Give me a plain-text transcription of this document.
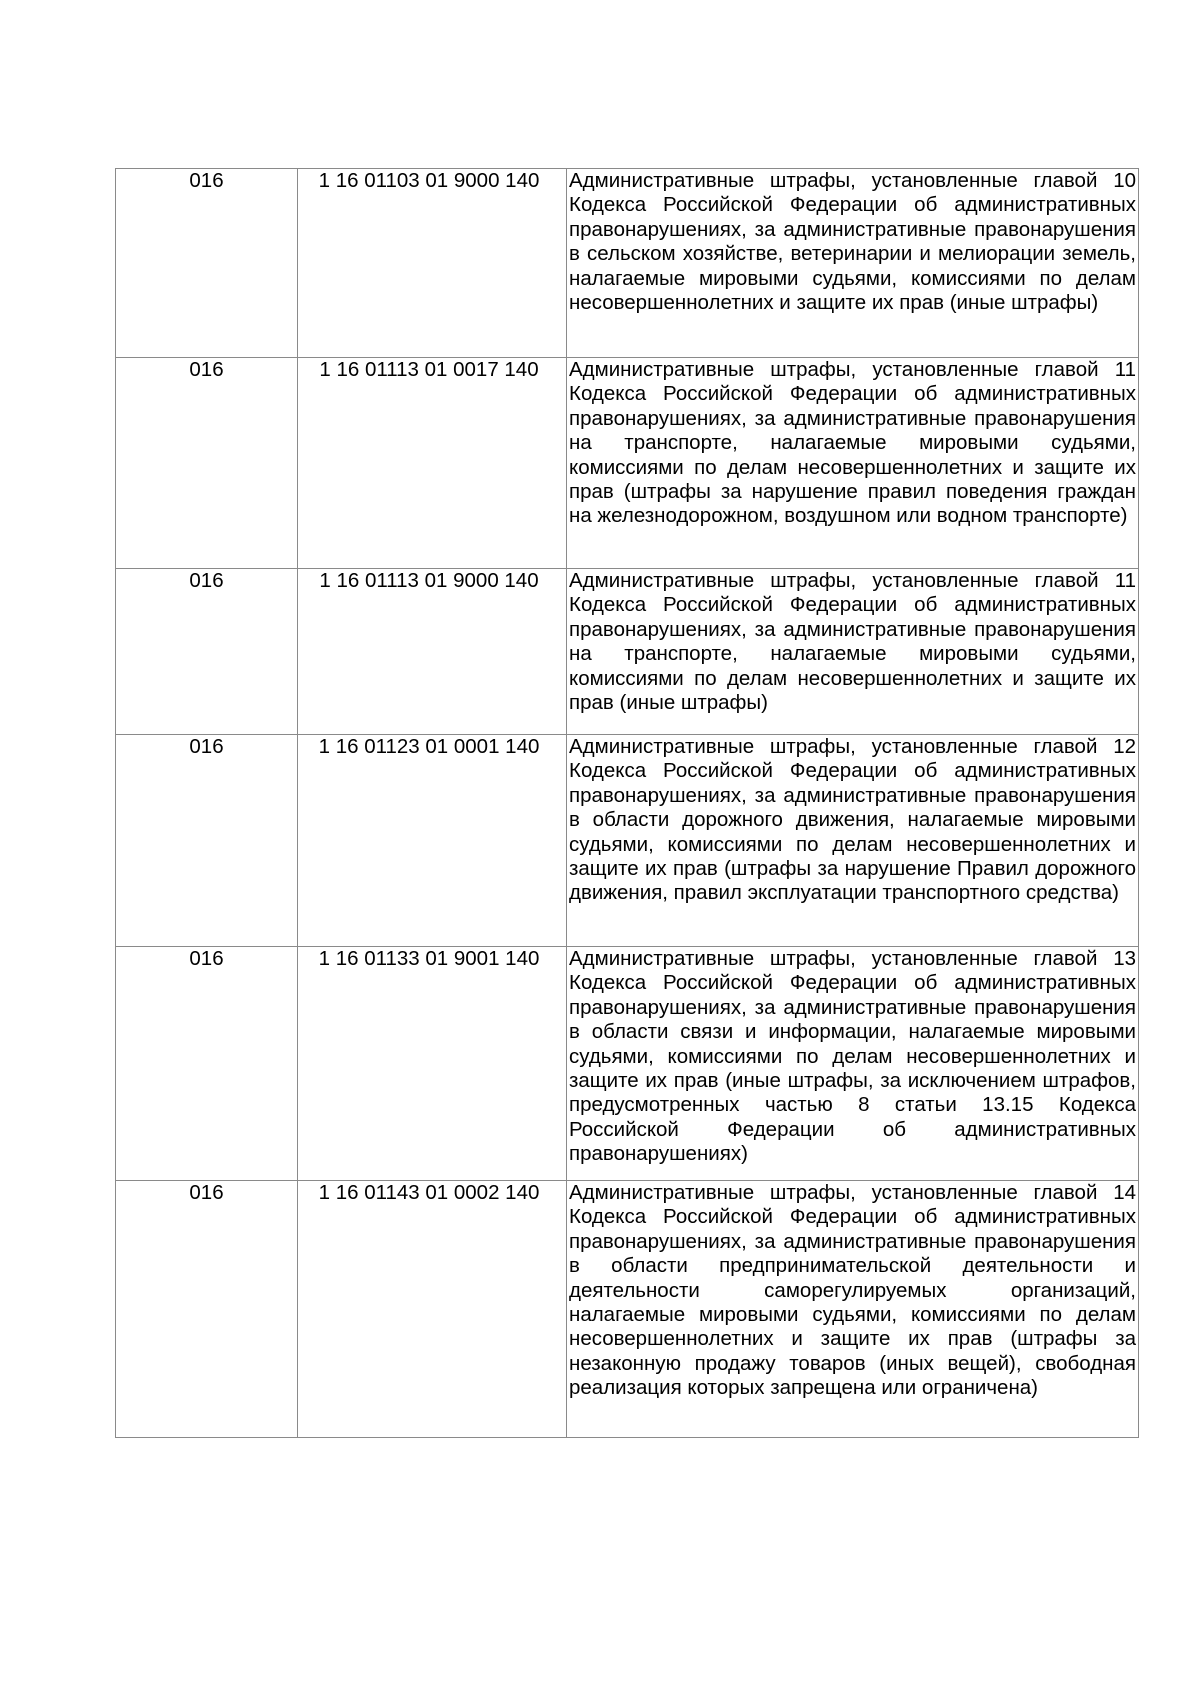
016	1 16 01103 01 9000 140	Административные штрафы, установленные главой 10 Кодекса Российской Федерации об административных правонарушениях, за административные правонарушения в сельском хозяйстве, ветеринарии и мелиорации земель, налагаемые мировыми судьями, комиссиями по делам несовершеннолетних и защите их прав (иные штрафы)

016	1 16 01113 01 0017 140	Административные штрафы, установленные главой 11 Кодекса Российской Федерации об административных правонарушениях, за административные правонарушения на транспорте, налагаемые мировыми судьями, комиссиями по делам несовершеннолетних и защите их прав (штрафы за нарушение правил поведения граждан на железнодорожном, воздушном или водном транспорте)

016	1 16 01113 01 9000 140	Административные штрафы, установленные главой 11 Кодекса Российской Федерации об административных правонарушениях, за административные правонарушения на транспорте, налагаемые мировыми судьями, комиссиями по делам несовершеннолетних и защите их прав (иные штрафы)

016	1 16 01123 01 0001 140	Административные штрафы, установленные главой 12 Кодекса Российской Федерации об административных правонарушениях, за административные правонарушения в области дорожного движения, налагаемые мировыми судьями, комиссиями по делам несовершеннолетних и защите их прав (штрафы за нарушение Правил дорожного движения, правил эксплуатации транспортного средства)

016	1 16 01133 01 9001 140	Административные штрафы, установленные главой 13 Кодекса Российской Федерации об административных правонарушениях, за административные правонарушения в области связи и информации, налагаемые мировыми судьями, комиссиями по делам несовершеннолетних и защите их прав (иные штрафы, за исключением штрафов, предусмотренных частью 8 статьи 13.15 Кодекса Российской Федерации об административных правонарушениях)

016	1 16 01143 01 0002 140	Административные штрафы, установленные главой 14 Кодекса Российской Федерации об административных правонарушениях, за административные правонарушения в области предпринимательской деятельности и деятельности саморегулируемых организаций, налагаемые мировыми судьями, комиссиями по делам несовершеннолетних и защите их прав (штрафы за незаконную продажу товаров (иных вещей), свободная реализация которых запрещена или ограничена)
